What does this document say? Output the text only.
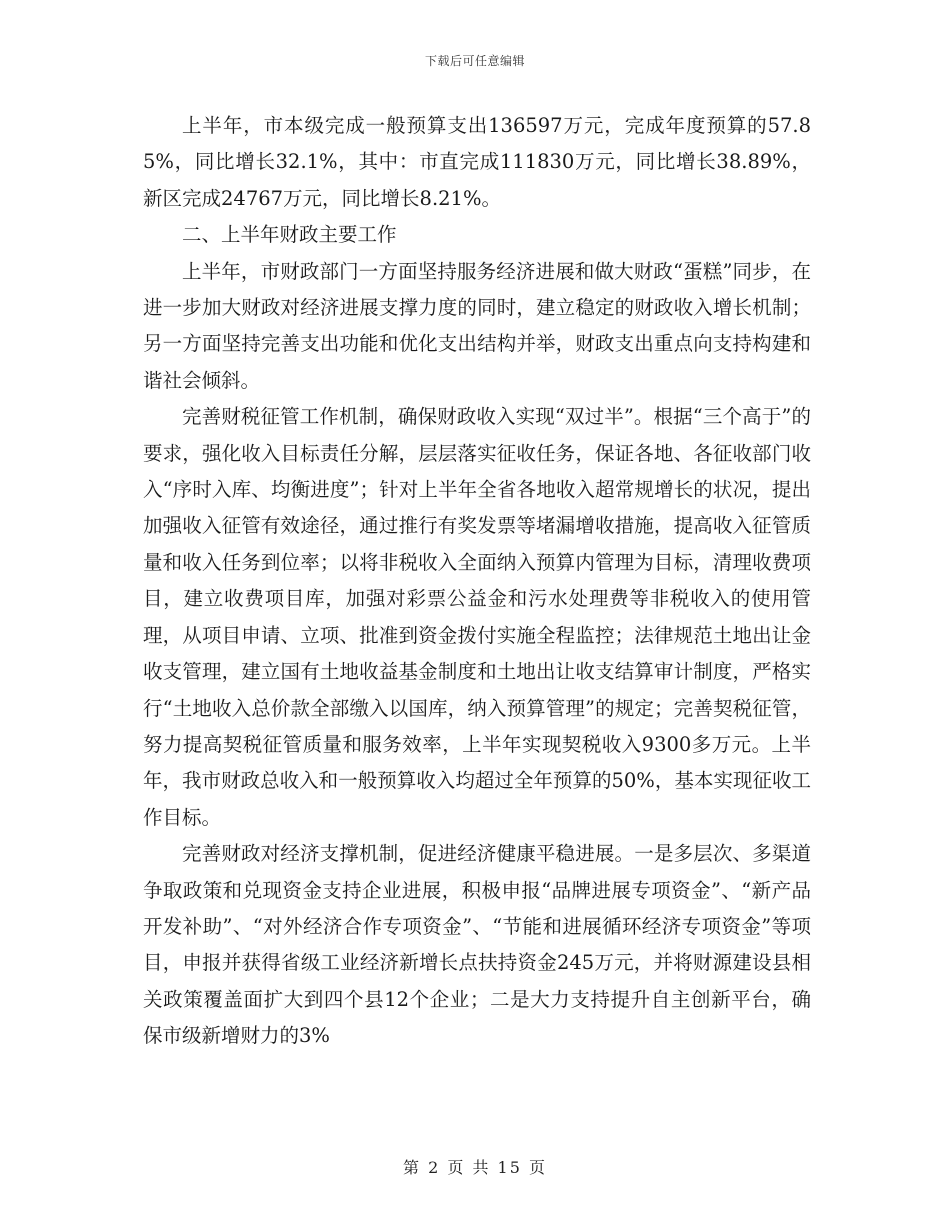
下载后可任意编辑

上半年，市本级完成一般预算支出136597万元，完成年度预算的57.85%，同比增长32.1%，其中：市直完成111830万元，同比增长38.89%，新区完成24767万元，同比增长8.21%。

二、上半年财政主要工作

上半年，市财政部门一方面坚持服务经济进展和做大财政“蛋糕”同步，在进一步加大财政对经济进展支撑力度的同时，建立稳定的财政收入增长机制；另一方面坚持完善支出功能和优化支出结构并举，财政支出重点向支持构建和谐社会倾斜。

完善财税征管工作机制，确保财政收入实现“双过半”。根据“三个高于”的要求，强化收入目标责任分解，层层落实征收任务，保证各地、各征收部门收入“序时入库、均衡进度”；针对上半年全省各地收入超常规增长的状况，提出加强收入征管有效途径，通过推行有奖发票等堵漏增收措施，提高收入征管质量和收入任务到位率；以将非税收入全面纳入预算内管理为目标，清理收费项目，建立收费项目库，加强对彩票公益金和污水处理费等非税收入的使用管理，从项目申请、立项、批准到资金拨付实施全程监控；法律规范土地出让金收支管理，建立国有土地收益基金制度和土地出让收支结算审计制度，严格实行“土地收入总价款全部缴入以国库，纳入预算管理”的规定；完善契税征管，努力提高契税征管质量和服务效率，上半年实现契税收入9300多万元。上半年，我市财政总收入和一般预算收入均超过全年预算的50%，基本实现征收工作目标。

完善财政对经济支撑机制，促进经济健康平稳进展。一是多层次、多渠道争取政策和兑现资金支持企业进展，积极申报“品牌进展专项资金”、“新产品开发补助”、“对外经济合作专项资金”、“节能和进展循环经济专项资金”等项目，申报并获得省级工业经济新增长点扶持资金245万元，并将财源建设县相关政策覆盖面扩大到四个县12个企业；二是大力支持提升自主创新平台，确保市级新增财力的3%

第 2 页 共 15 页
